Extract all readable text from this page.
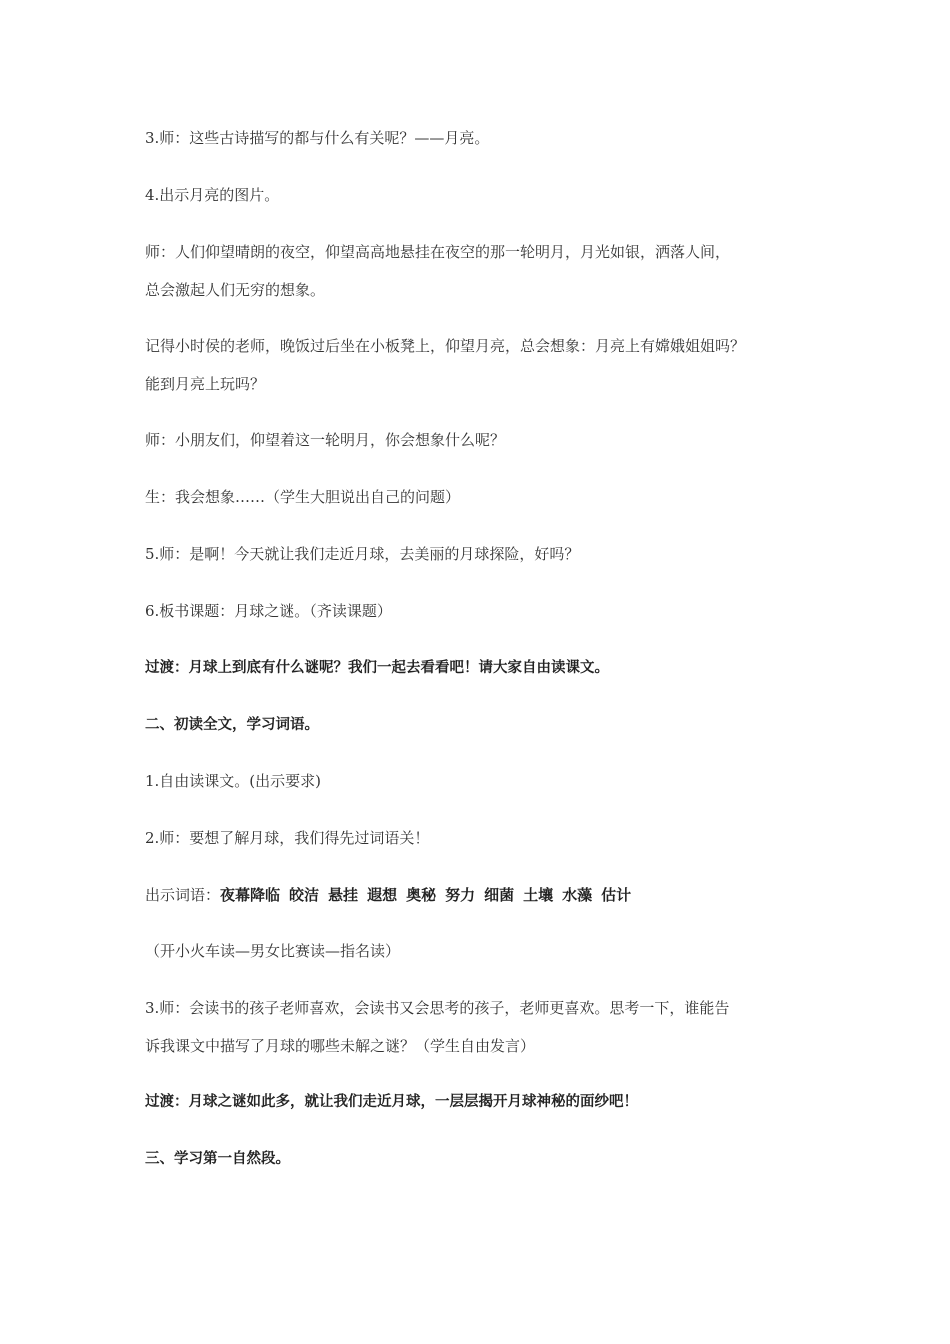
3.师：这些古诗描写的都与什么有关呢？——月亮。

4.出示月亮的图片。

师：人们仰望晴朗的夜空，仰望高高地悬挂在夜空的那一轮明月，月光如银，洒落人间，
总会激起人们无穷的想象。

记得小时侯的老师，晚饭过后坐在小板凳上，仰望月亮，总会想象：月亮上有嫦娥姐姐吗？
能到月亮上玩吗？

师：小朋友们，仰望着这一轮明月，你会想象什么呢？

生：我会想象……（学生大胆说出自己的问题）

5.师：是啊！今天就让我们走近月球，去美丽的月球探险，好吗？

6.板书课题：月球之谜。（齐读课题）

过渡：月球上到底有什么谜呢？我们一起去看看吧！请大家自由读课文。

二、初读全文，学习词语。

1.自由读课文。(出示要求)

2.师：要想了解月球，我们得先过词语关！

出示词语：夜幕降临 皎洁 悬挂 遐想 奥秘 努力 细菌 土壤 水藻 估计

（开小火车读—男女比赛读—指名读）

3.师：会读书的孩子老师喜欢，会读书又会思考的孩子，老师更喜欢。思考一下，谁能告
诉我课文中描写了月球的哪些未解之谜？（学生自由发言）

过渡：月球之谜如此多，就让我们走近月球，一层层揭开月球神秘的面纱吧！

三、学习第一自然段。
